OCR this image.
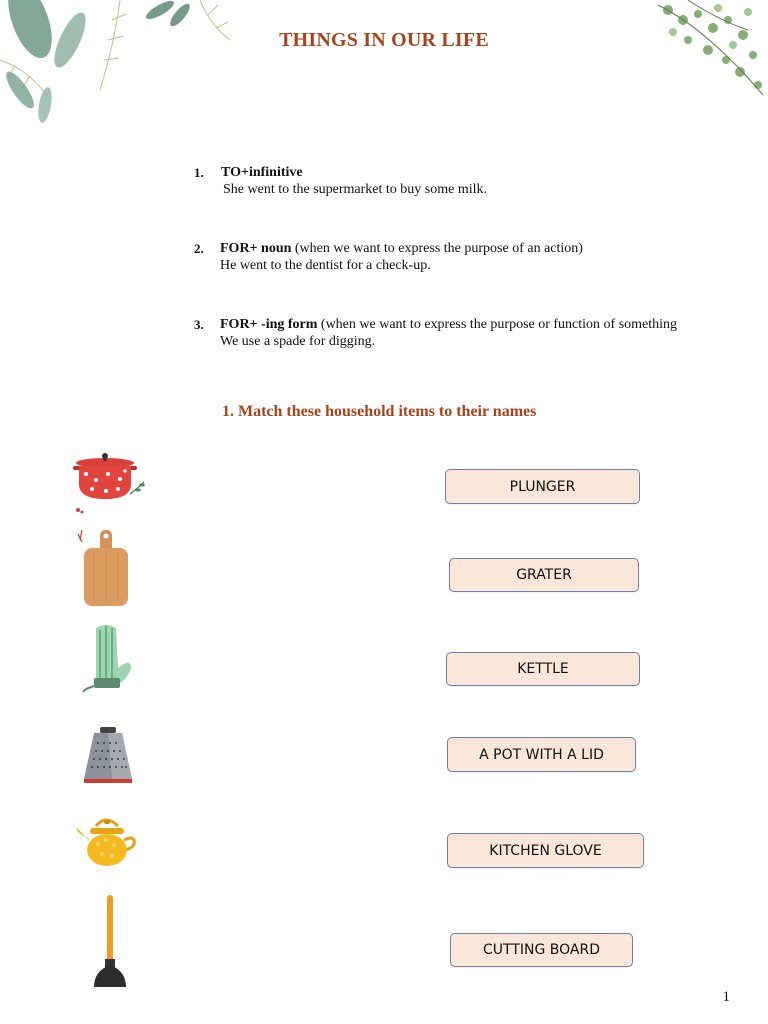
THINGS IN OUR LIFE
1. TO+infinitive
She went to the supermarket to buy some milk.
2. FOR+ noun (when we want to express the purpose of an action)
He went to the dentist for a check-up.
3. FOR+ -ing form (when we want to express the purpose or function of something
We use a spade for digging.
1. Match these household items to their names
PLUNGER
GRATER
KETTLE
A POT WITH A LID
KITCHEN GLOVE
CUTTING BOARD
1
